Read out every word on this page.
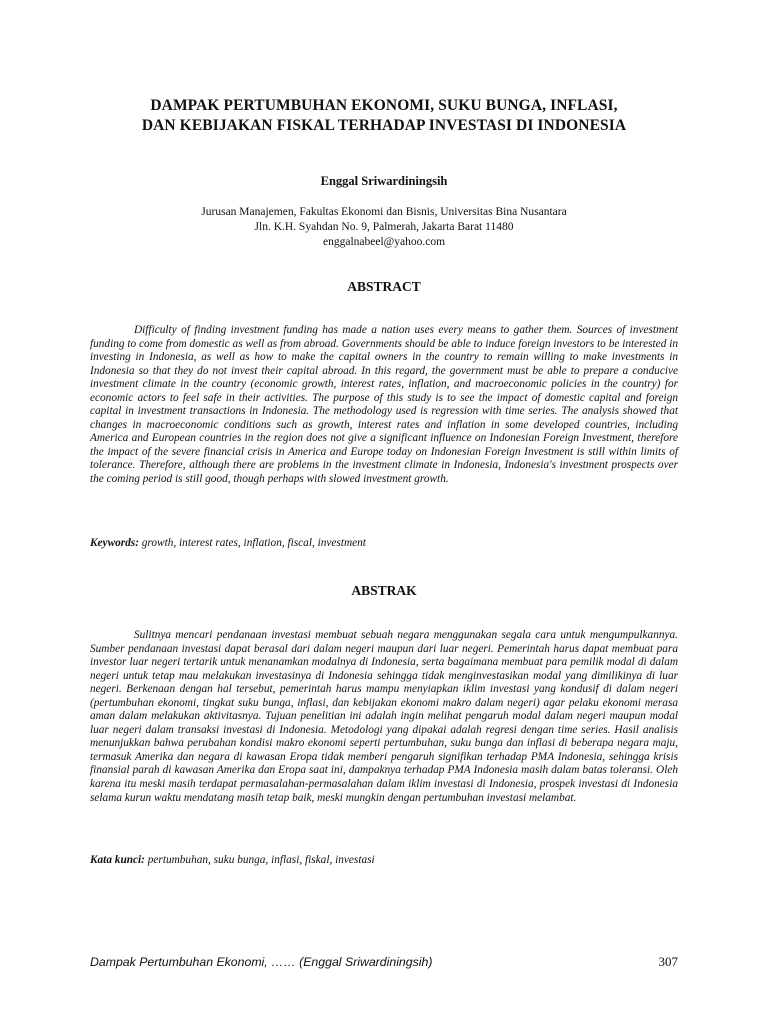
DAMPAK PERTUMBUHAN EKONOMI, SUKU BUNGA, INFLASI,
DAN KEBIJAKAN FISKAL TERHADAP INVESTASI DI INDONESIA
Enggal Sriwardiningsih
Jurusan Manajemen, Fakultas Ekonomi dan Bisnis, Universitas Bina Nusantara
Jln. K.H. Syahdan No. 9, Palmerah, Jakarta Barat 11480
enggalnabeel@yahoo.com
ABSTRACT
Difficulty of finding investment funding has made a nation uses every means to gather them. Sources of investment funding to come from domestic as well as from abroad. Governments should be able to induce foreign investors to be interested in investing in Indonesia, as well as how to make the capital owners in the country to remain willing to make investments in Indonesia so that they do not invest their capital abroad. In this regard, the government must be able to prepare a conducive investment climate in the country (economic growth, interest rates, inflation, and macroeconomic policies in the country) for economic actors to feel safe in their activities. The purpose of this study is to see the impact of domestic capital and foreign capital in investment transactions in Indonesia. The methodology used is regression with time series. The analysis showed that changes in macroeconomic conditions such as growth, interest rates and inflation in some developed countries, including America and European countries in the region does not give a significant influence on Indonesian Foreign Investment, therefore the impact of the severe financial crisis in America and Europe today on Indonesian Foreign Investment is still within limits of tolerance. Therefore, although there are problems in the investment climate in Indonesia, Indonesia's investment prospects over the coming period is still good, though perhaps with slowed investment growth.
Keywords: growth, interest rates, inflation, fiscal, investment
ABSTRAK
Sulitnya mencari pendanaan investasi membuat sebuah negara menggunakan segala cara untuk mengumpulkannya. Sumber pendanaan investasi dapat berasal dari dalam negeri maupun dari luar negeri. Pemerintah harus dapat membuat para investor luar negeri tertarik untuk menanamkan modalnya di Indonesia, serta bagaimana membuat para pemilik modal di dalam negeri untuk tetap mau melakukan investasinya di Indonesia sehingga tidak menginvestasikan modal yang dimilikinya di luar negeri. Berkenaan dengan hal tersebut, pemerintah harus mampu menyiapkan iklim investasi yang kondusif di dalam negeri (pertumbuhan ekonomi, tingkat suku bunga, inflasi, dan kebijakan ekonomi makro dalam negeri) agar pelaku ekonomi merasa aman dalam melakukan aktivitasnya. Tujuan penelitian ini adalah ingin melihat pengaruh modal dalam negeri maupun modal luar negeri dalam transaksi investasi di Indonesia. Metodologi yang dipakai adalah regresi dengan time series. Hasil analisis menunjukkan bahwa perubahan kondisi makro ekonomi seperti pertumbuhan, suku bunga dan inflasi di beberapa negara maju, termasuk Amerika dan negara di kawasan Eropa tidak memberi pengaruh signifikan terhadap PMA Indonesia, sehingga krisis finansial parah di kawasan Amerika dan Eropa saat ini, dampaknya terhadap PMA Indonesia masih dalam batas toleransi. Oleh karena itu meski masih terdapat permasalahan-permasalahan dalam iklim investasi di Indonesia, prospek investasi di Indonesia selama kurun waktu mendatang masih tetap baik, meski mungkin dengan pertumbuhan investasi melambat.
Kata kunci: pertumbuhan, suku bunga, inflasi, fiskal, investasi
Dampak Pertumbuhan Ekonomi, …… (Enggal Sriwardiningsih)	307
